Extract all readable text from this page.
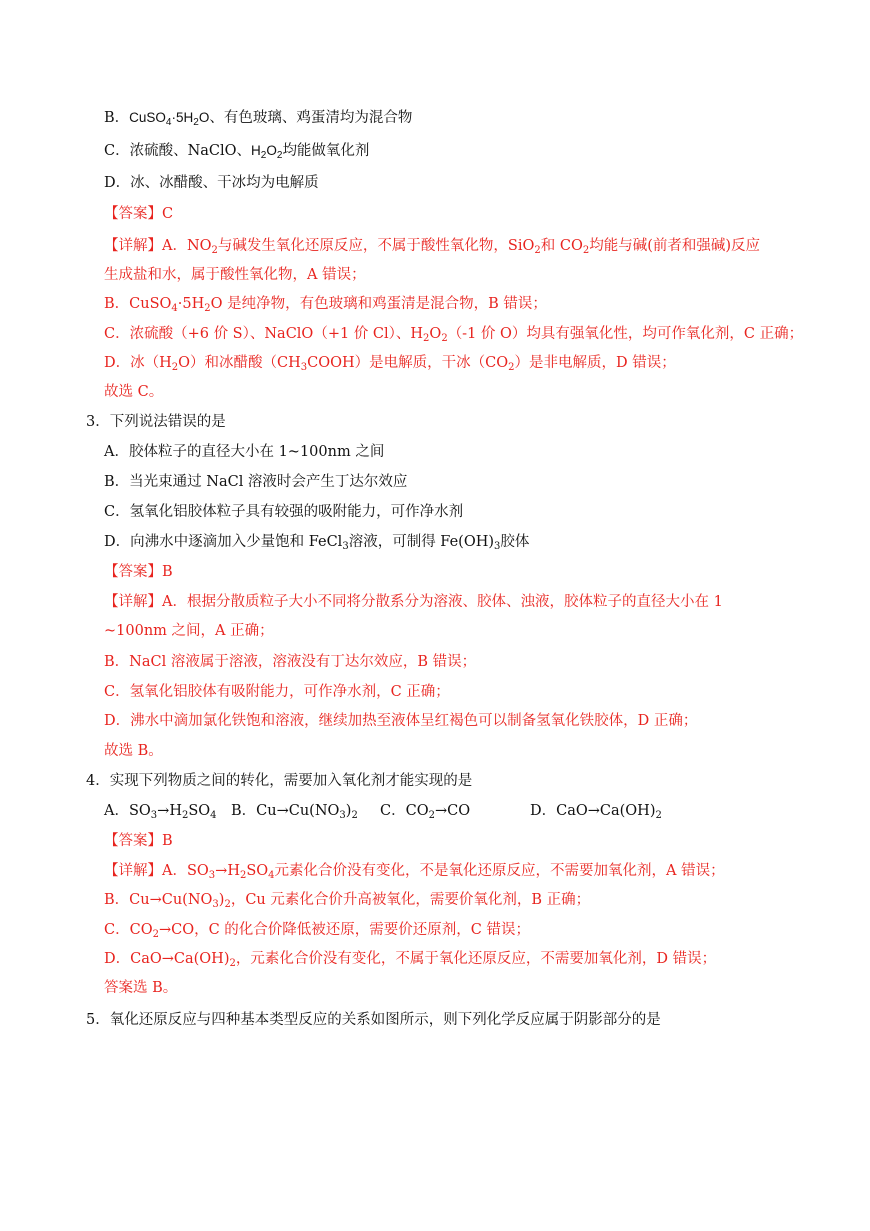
B．$CuSO_4\cdot 5H_2O$、有色玻璃、鸡蛋清均为混合物
C．浓硫酸、NaClO、$H_2O_2$均能做氧化剂
D．冰、冰醋酸、干冰均为电解质
【答案】C
【详解】A．$NO_2$与碱发生氧化还原反应，不属于酸性氧化物，SiO$_2$和 $CO_2$均能与碱(前者和强碱)反应
生成盐和水，属于酸性氧化物，A 错误；
B．$CuSO_4\cdot 5H_2O$ 是纯净物，有色玻璃和鸡蛋清是混合物，B 错误；
C．浓硫酸（+6 价 S）、NaClO（+1 价 Cl）、$H_2O_2(-1$ 价 O）均具有强氧化性，均可作氧化剂，C 正确；
D．冰$(H_2O)$和冰醋酸$(CH_3COOH)$是电解质，干冰$(CO_2)$是非电解质，D 错误；
故选 C。
3．下列说法错误的是
A．胶体粒子的直径大小在 1~100nm 之间
B．当光束通过 NaCl 溶液时会产生丁达尔效应
C．氢氧化铝胶体粒子具有较强的吸附能力，可作净水剂
D．向沸水中逐滴加入少量饱和 FeCl$_3$溶液，可制得 $Fe(OH)_3$胶体
【答案】B
【详解】A．根据分散质粒子大小不同将分散系分为溶液、胶体、浊液，胶体粒子的直径大小在 1
~100nm 之间，A 正确；
B．NaCl 溶液属于溶液，溶液没有丁达尔效应，B 错误；
C．氢氧化铝胶体有吸附能力，可作净水剂，C 正确；
D．沸水中滴加氯化铁饱和溶液，继续加热至液体呈红褐色可以制备氢氧化铁胶体，D 正确；
故选 B。
4．实现下列物质之间的转化，需要加入氧化剂才能实现的是
A．$SO_3\to H_2SO_4$ B．$Cu\to Cu(NO_3)_2$ C．$CO_2\to CO$	D．$CaO\to Ca(OH)_2$
【答案】B
【详解】A．$SO_3\to H_2SO_4$元素化合价没有变化，不是氧化还原反应，不需要加氧化剂，A 错误；
B．$Cu\to Cu(NO_3)_2$，Cu 元素化合价升高被氧化，需要价氧化剂，B 正确；
C．$CO_2\to CO$，C 的化合价降低被还原，需要价还原剂，C 错误；
D．$CaO\to Ca(OH)_2$，元素化合价没有变化，不属于氧化还原反应，不需要加氧化剂，D 错误；
答案选 B。
5．氧化还原反应与四种基本类型反应的关系如图所示，则下列化学反应属于阴影部分的是
